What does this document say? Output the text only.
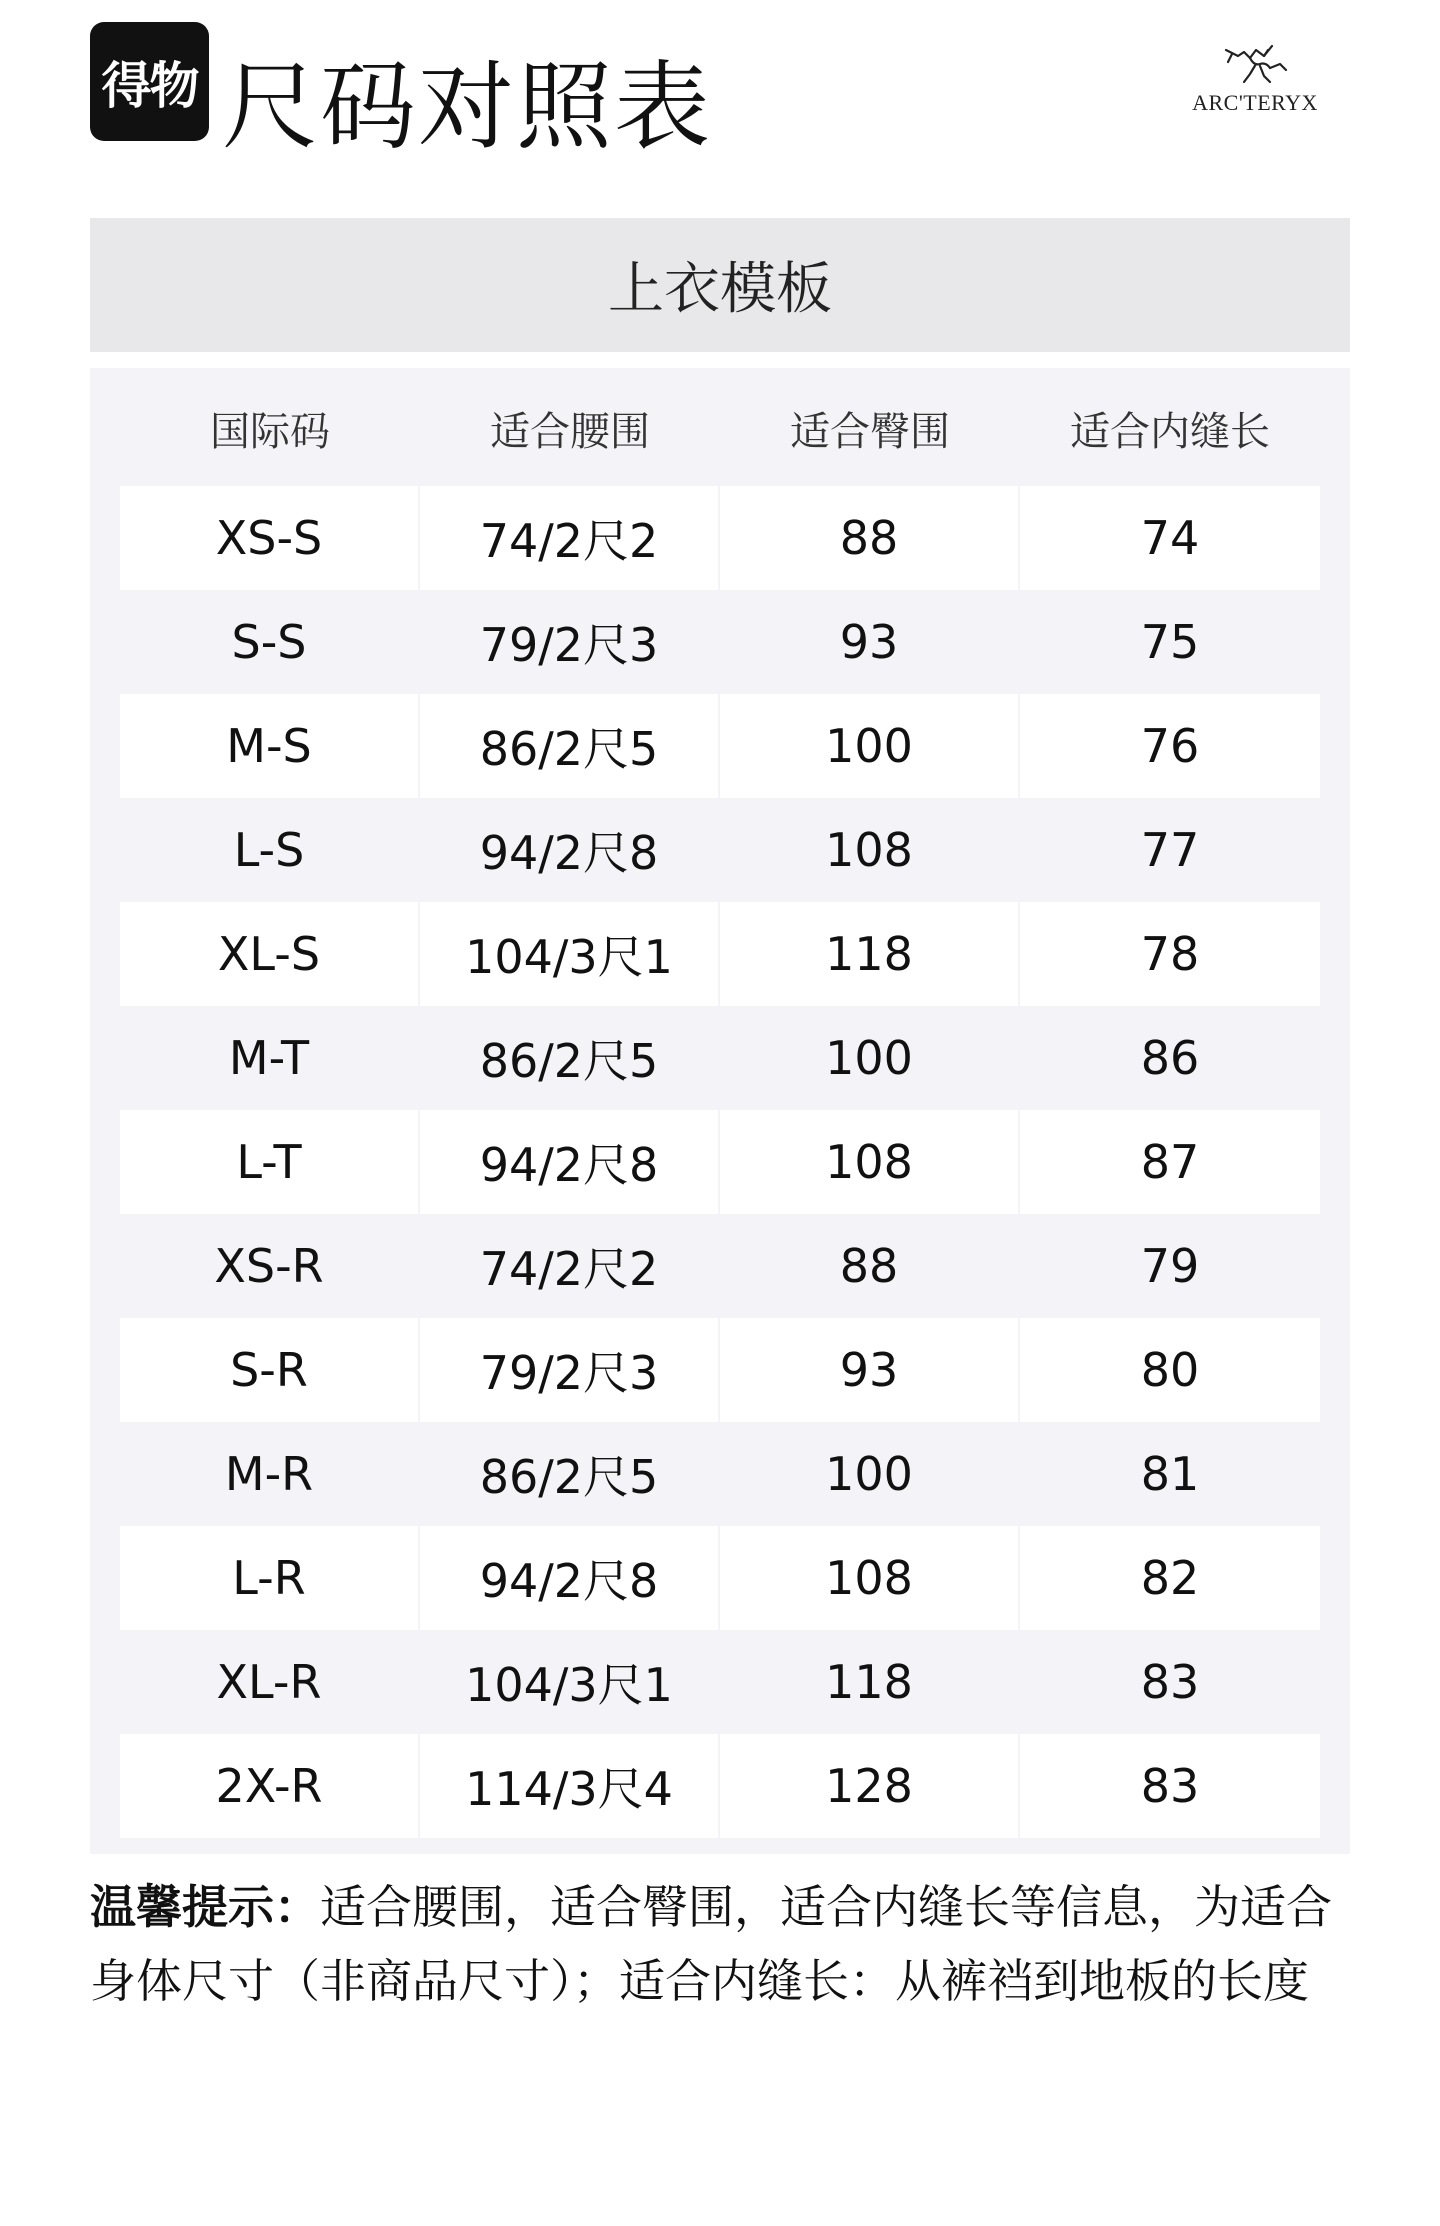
得物 尺码对照表	ARC'TERYX
上衣模板
国际码	适合腰围	适合臀围	适合内缝长
XS-S	74/2尺2	88	74
S-S	79/2尺3	93	75
M-S	86/2尺5	100	76
L-S	94/2尺8	108	77
XL-S	104/3尺1	118	78
M-T	86/2尺5	100	86
L-T	94/2尺8	108	87
XS-R	74/2尺2	88	79
S-R	79/2尺3	93	80
M-R	86/2尺5	100	81
L-R	94/2尺8	108	82
XL-R	104/3尺1	118	83
2X-R	114/3尺4	128	83
温馨提示：适合腰围，适合臀围，适合内缝长等信息，为适合身体尺寸（非商品尺寸）；适合内缝长：从裤裆到地板的长度
